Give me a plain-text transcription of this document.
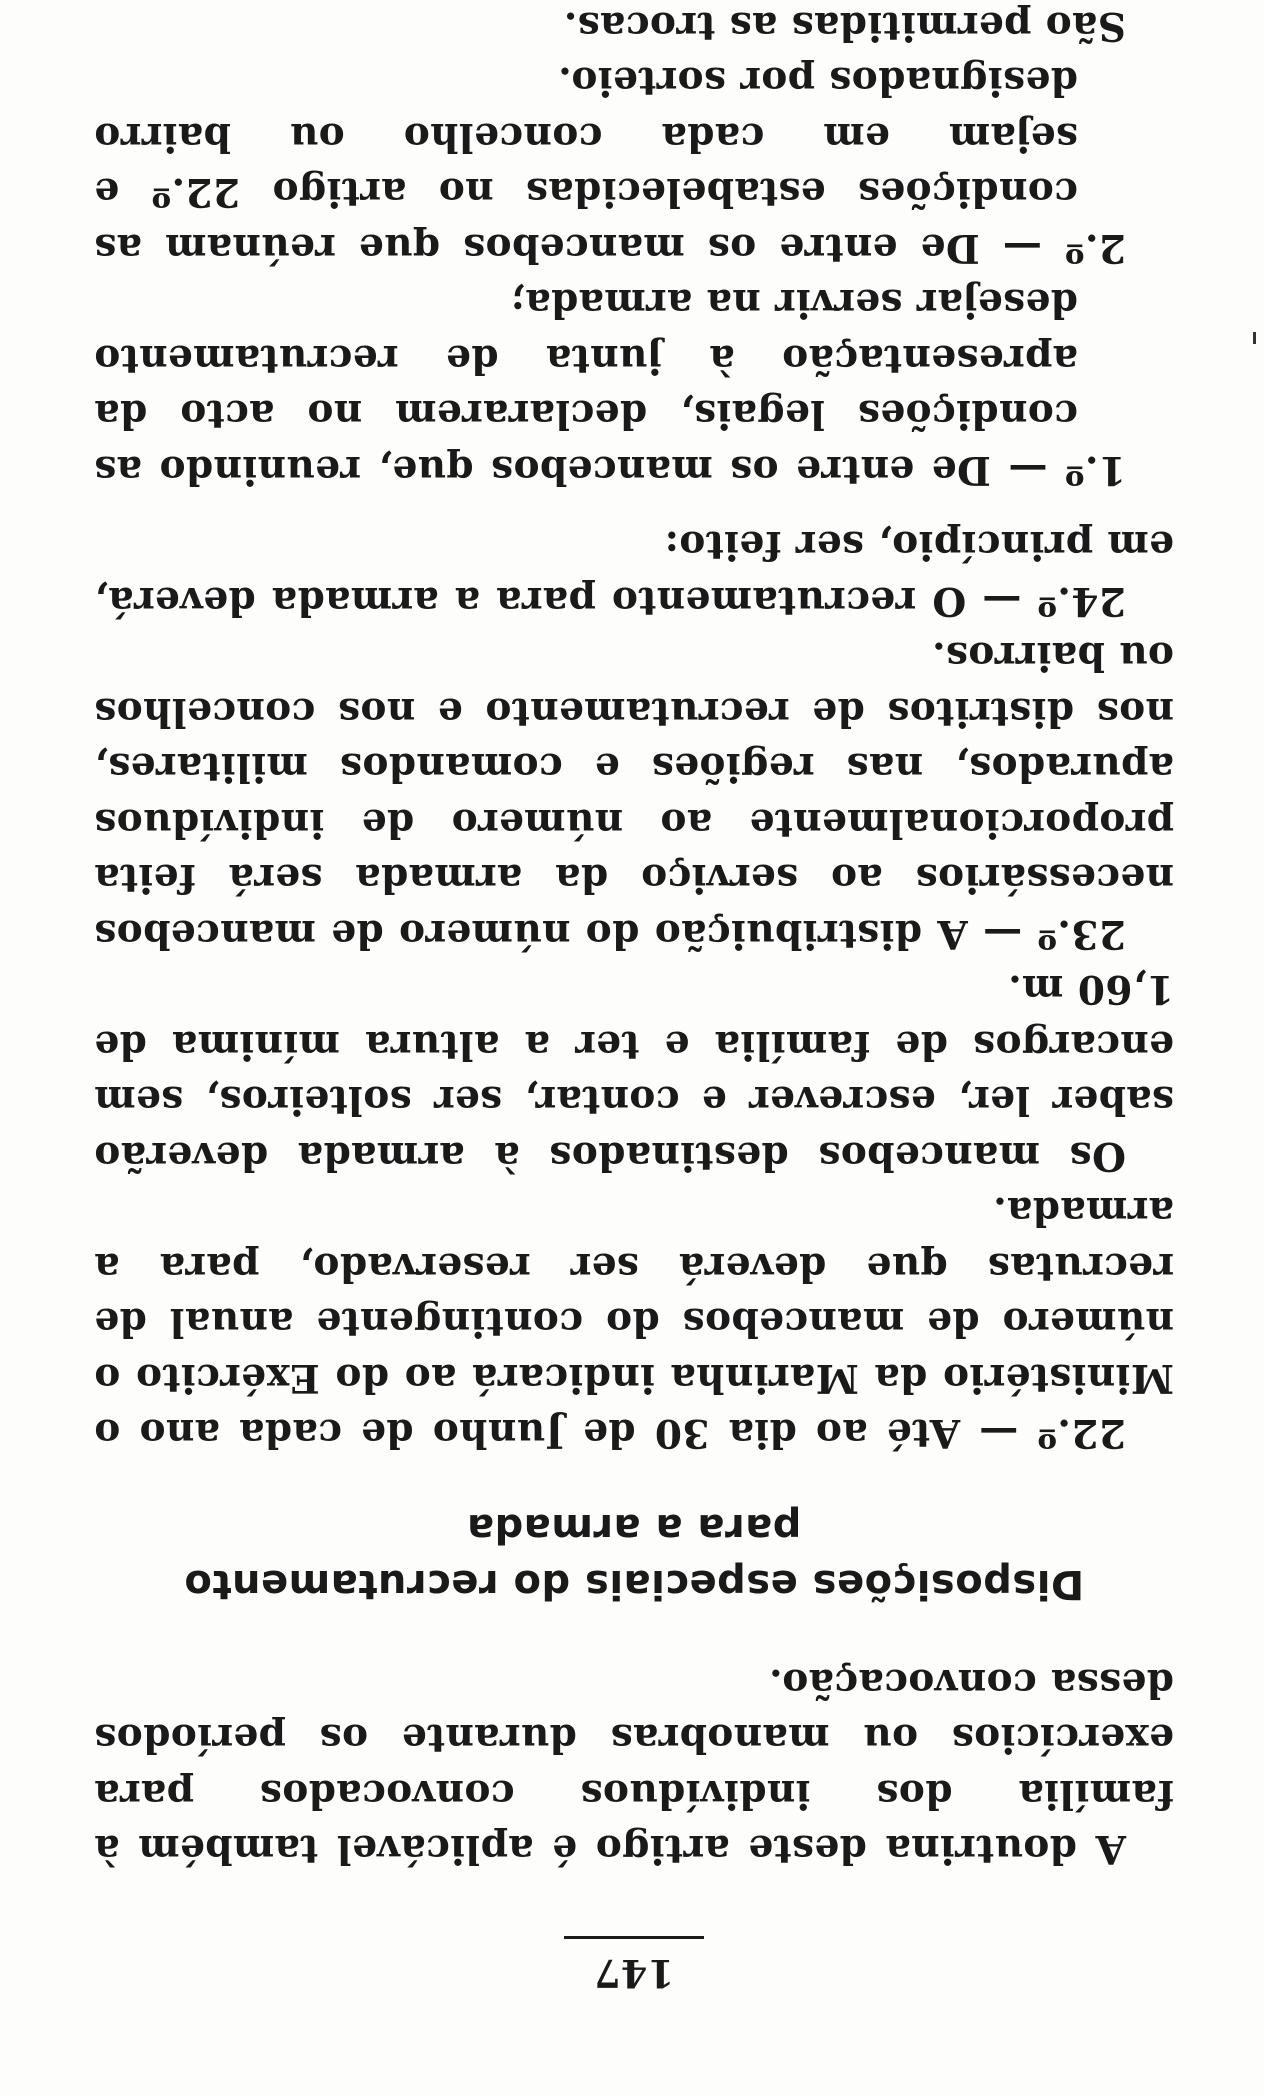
147

A doutrina deste artigo é aplicável também à família dos indivíduos convocados para exercícios ou manobras durante os períodos dessa convocação.

Disposições especiais do recrutamento
para a armada

22.º — Até ao dia 30 de Junho de cada ano o Ministério da Marinha indicará ao do Exército o número de mancebos do contingente anual de recrutas que deverá ser reservado, para a armada.

Os mancebos destinados à armada deverão saber ler, escrever e contar, ser solteiros, sem encargos de família e ter a altura mínima de 1,60 m.

23.º — A distribuição do número de mancebos necessários ao serviço da armada será feita proporcionalmente ao número de indivíduos apurados, nas regiões e comandos militares, nos distritos de recrutamento e nos concelhos ou bairros.

24.º — O recrutamento para a armada deverá, em princípio, ser feito:

1.º — De entre os mancebos que, reunindo as condições legais, declararem no acto da apresentação à junta de recrutamento desejar servir na armada;

2.º — De entre os mancebos que reúnam as condições estabelecidas no artigo 22.º e sejam em cada concelho ou bairro designados por sorteio.

São permitidas as trocas.
